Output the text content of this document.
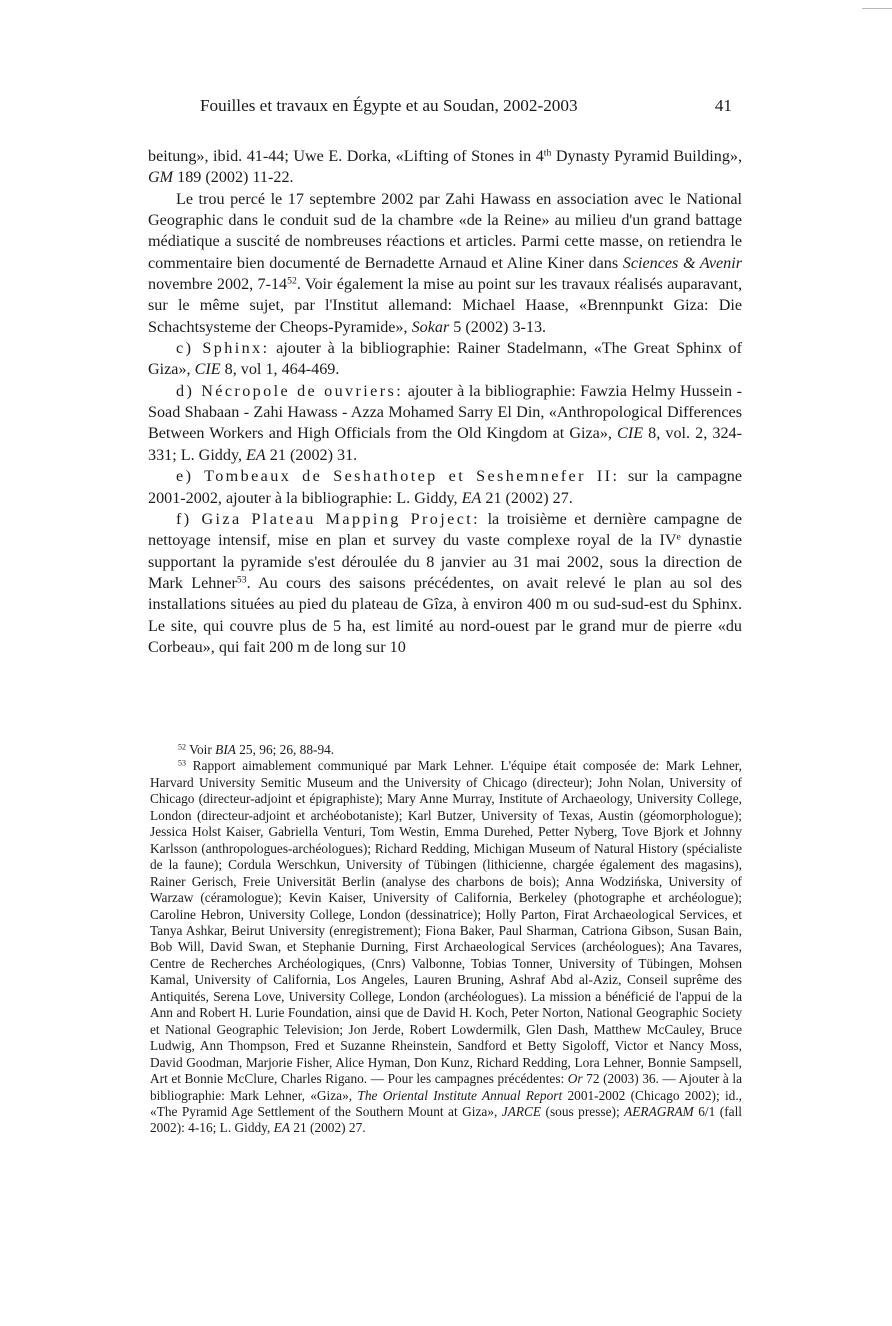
Fouilles et travaux en Égypte et au Soudan, 2002-2003	41

beitung», ibid. 41-44; Uwe E. Dorka, «Lifting of Stones in 4th Dynasty Pyramid Building», GM 189 (2002) 11-22.

Le trou percé le 17 septembre 2002 par Zahi Hawass en association avec le National Geographic dans le conduit sud de la chambre «de la Reine» au milieu d'un grand battage médiatique a suscité de nombreuses réactions et articles. Parmi cette masse, on retiendra le commentaire bien documenté de Bernadette Arnaud et Aline Kiner dans Sciences & Avenir novembre 2002, $7-14^{52}$. Voir également la mise au point sur les travaux réalisés auparavant, sur le même sujet, par l'Institut allemand: Michael Haase, «Brennpunkt Giza: Die Schachtsysteme der Cheops-Pyramide», Sokar 5 (2002) 3-13.

c) Sphinx: ajouter à la bibliographie: Rainer Stadelmann, «The Great Sphinx of Giza», CIE 8, vol 1, 464-469.

d) Nécropole de ouvriers: ajouter à la bibliographie: Fawzia Helmy Hussein - Soad Shabaan - Zahi Hawass - Azza Mohamed Sarry El Din, «Anthropological Differences Between Workers and High Officials from the Old Kingdom at Giza», CIE 8, vol. 2, 324-331; L. Giddy, EA 21 (2002) 31.

e) Tombeaux de Seshathotep et Seshemnefer II: sur la campagne 2001-2002, ajouter à la bibliographie: L. Giddy, EA 21 (2002) 27.

f) Giza Plateau Mapping Project: la troisième et dernière campagne de nettoyage intensif, mise en plan et survey du vaste complexe royal de la IVe dynastie supportant la pyramide s'est déroulée du 8 janvier au 31 mai 2002, sous la direction de Mark Lehner$^{53}$. Au cours des saisons précédentes, on avait relevé le plan au sol des installations situées au pied du plateau de Gîza, à environ 400 m ou sud-sud-est du Sphinx. Le site, qui couvre plus de 5 ha, est limité au nord-ouest par le grand mur de pierre «du Corbeau», qui fait 200 m de long sur 10

$^{52}$ Voir BIA 25, 96; 26, 88-94.

$^{53}$ Rapport aimablement communiqué par Mark Lehner. L'équipe était composée de: Mark Lehner, Harvard University Semitic Museum and the University of Chicago (directeur); John Nolan, University of Chicago (directeur-adjoint et épigraphiste); Mary Anne Murray, Institute of Archaeology, University College, London (directeur-adjoint et archéobotaniste); Karl Butzer, University of Texas, Austin (géomorphologue); Jessica Holst Kaiser, Gabriella Venturi, Tom Westin, Emma Durehed, Petter Nyberg, Tove Bjork et Johnny Karlsson (anthropologues-archéologues); Richard Redding, Michigan Museum of Natural History (spécialiste de la faune); Cordula Werschkun, University of Tübingen (lithicienne, chargée également des magasins), Rainer Gerisch, Freie Universität Berlin (analyse des charbons de bois); Anna Wodzińska, University of Warzaw (céramologue); Kevin Kaiser, University of California, Berkeley (photographe et archéologue); Caroline Hebron, University College, London (dessinatrice); Holly Parton, Firat Archaeological Services, et Tanya Ashkar, Beirut University (enregistrement); Fiona Baker, Paul Sharman, Catriona Gibson, Susan Bain, Bob Will, David Swan, et Stephanie Durning, First Archaeological Services (archéologues); Ana Tavares, Centre de Recherches Archéologiques, (Cnrs) Valbonne, Tobias Tonner, University of Tübingen, Mohsen Kamal, University of California, Los Angeles, Lauren Bruning, Ashraf Abd al-Aziz, Conseil suprême des Antiquités, Serena Love, University College, London (archéologues). La mission a bénéficié de l'appui de la Ann and Robert H. Lurie Foundation, ainsi que de David H. Koch, Peter Norton, National Geographic Society et National Geographic Television; Jon Jerde, Robert Lowdermilk, Glen Dash, Matthew McCauley, Bruce Ludwig, Ann Thompson, Fred et Suzanne Rheinstein, Sandford et Betty Sigoloff, Victor et Nancy Moss, David Goodman, Marjorie Fisher, Alice Hyman, Don Kunz, Richard Redding, Lora Lehner, Bonnie Sampsell, Art et Bonnie McClure, Charles Rigano. — Pour les campagnes précédentes: Or 72 (2003) 36. — Ajouter à la bibliographie: Mark Lehner, «Giza», The Oriental Institute Annual Report 2001-2002 (Chicago 2002); id., «The Pyramid Age Settlement of the Southern Mount at Giza», JARCE (sous presse); AERAGRAM 6/1 (fall 2002): 4-16; L. Giddy, EA 21 (2002) 27.
